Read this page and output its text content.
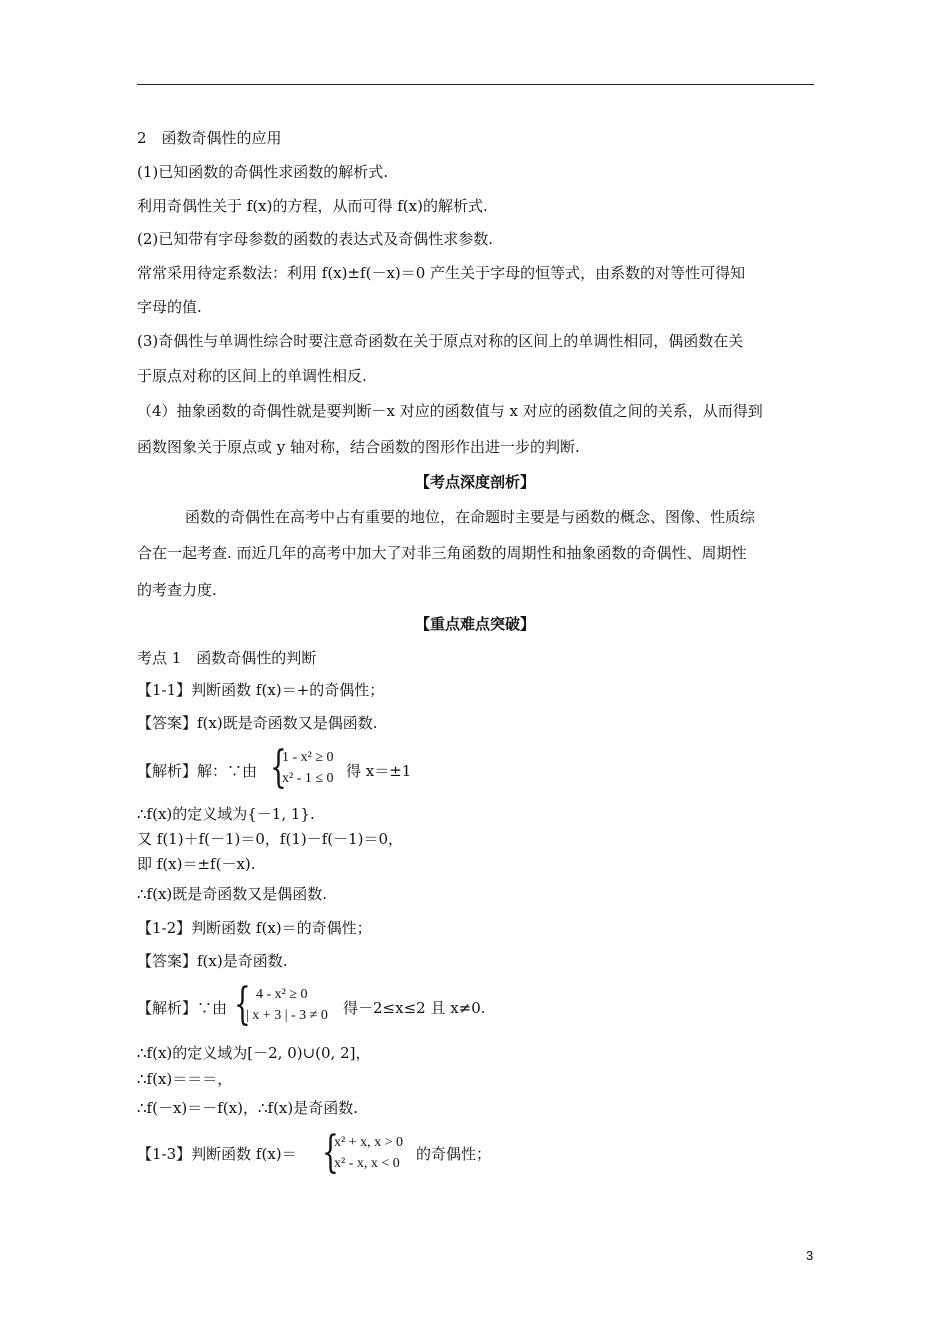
2　函数奇偶性的应用
(1)已知函数的奇偶性求函数的解析式.
利用奇偶性关于 f(x)的方程，从而可得 f(x)的解析式.
(2)已知带有字母参数的函数的表达式及奇偶性求参数.
常常采用待定系数法：利用 f(x)±f(－x)＝0 产生关于字母的恒等式，由系数的对等性可得知
字母的值.
(3)奇偶性与单调性综合时要注意奇函数在关于原点对称的区间上的单调性相同，偶函数在关
于原点对称的区间上的单调性相反.
（4）抽象函数的奇偶性就是要判断－x 对应的函数值与 x 对应的函数值之间的关系，从而得到
函数图象关于原点或 y 轴对称，结合函数的图形作出进一步的判断.
【考点深度剖析】
函数的奇偶性在高考中占有重要的地位，在命题时主要是与函数的概念、图像、性质综
合在一起考查. 而近几年的高考中加大了对非三角函数的周期性和抽象函数的奇偶性、周期性
的考查力度.
【重点难点突破】
考点 1　函数奇偶性的判断
【1-1】判断函数 f(x)＝+的奇偶性；
【答案】f(x)既是奇函数又是偶函数.
【解析】解：∵由 {
1 - x² ≥ 0
x² - 1 ≤ 0 得 x＝±1
∴f(x)的定义域为{－1, 1}.
又 f(1)＋f(－1)＝0，f(1)－f(－1)＝0，
即 f(x)＝±f(－x).
∴f(x)既是奇函数又是偶函数.
【1-2】判断函数 f(x)＝的奇偶性；
【答案】f(x)是奇函数.
【解析】∵由 { 4 - x² ≥ 0
| x + 3 | - 3 ≠ 0 得－2≤x≤2 且 x≠0.
∴f(x)的定义域为[－2, 0)∪(0, 2]，
∴f(x)＝＝＝，
∴f(－x)＝－f(x)，∴f(x)是奇函数.
【1-3】判断函数 f(x)＝ {
x² + x, x > 0
x² - x, x < 0
的奇偶性；
3
